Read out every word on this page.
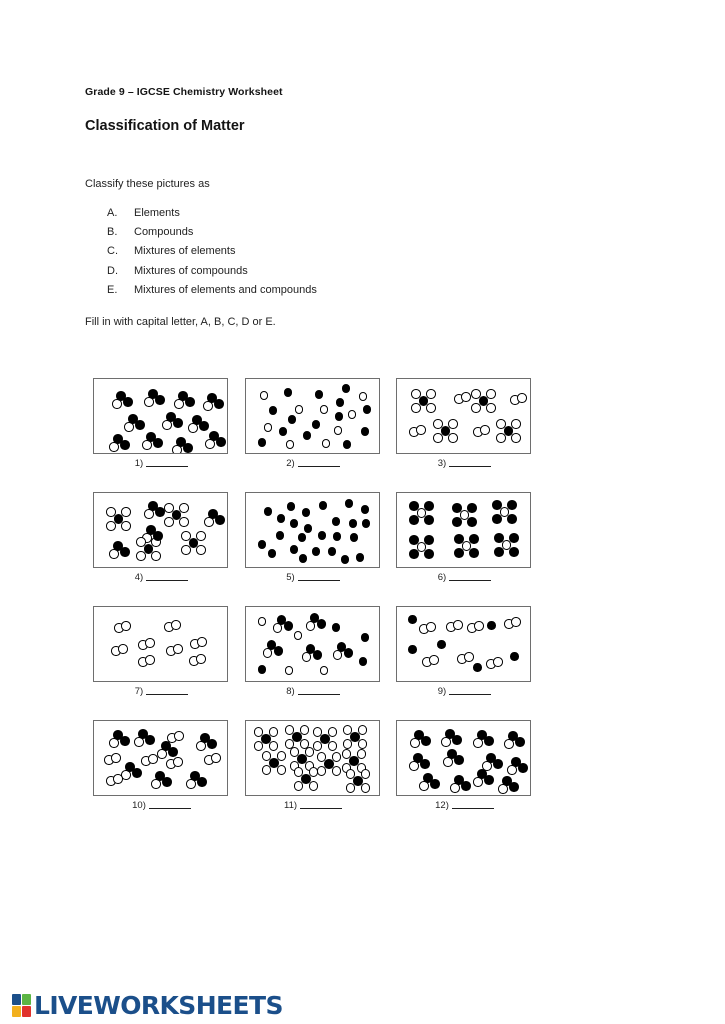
Grade 9 – IGCSE Chemistry Worksheet

Classification of Matter

Classify these pictures as

A.	Elements
B.	Compounds
C.	Mixtures of elements
D.	Mixtures of compounds
E.	Mixtures of elements and compounds

Fill in with capital letter, A, B, C, D or E.

1)	2)	3)
4)	5)	6)
7)	8)	9)
10)	11)	12)
LIVEWORKSHEETS
